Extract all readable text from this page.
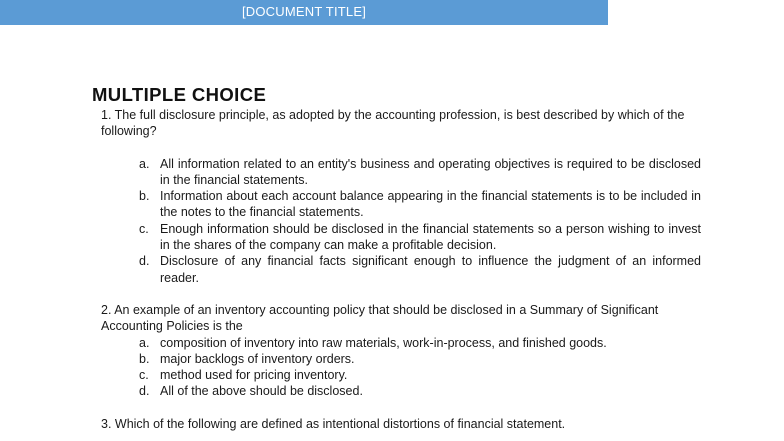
[DOCUMENT TITLE]
MULTIPLE CHOICE

1. The full disclosure principle, as adopted by the accounting profession, is best described by which of the following?

a. All information related to an entity's business and operating objectives is required to be disclosed in the financial statements.
b. Information about each account balance appearing in the financial statements is to be included in the notes to the financial statements.
c. Enough information should be disclosed in the financial statements so a person wishing to invest in the shares of the company can make a profitable decision.
d. Disclosure of any financial facts significant enough to influence the judgment of an informed reader.

2. An example of an inventory accounting policy that should be disclosed in a Summary of Significant Accounting Policies is the

a. composition of inventory into raw materials, work-in-process, and finished goods.
b. major backlogs of inventory orders.
c. method used for pricing inventory.
d. All of the above should be disclosed.

3. Which of the following are defined as intentional distortions of financial statement.
